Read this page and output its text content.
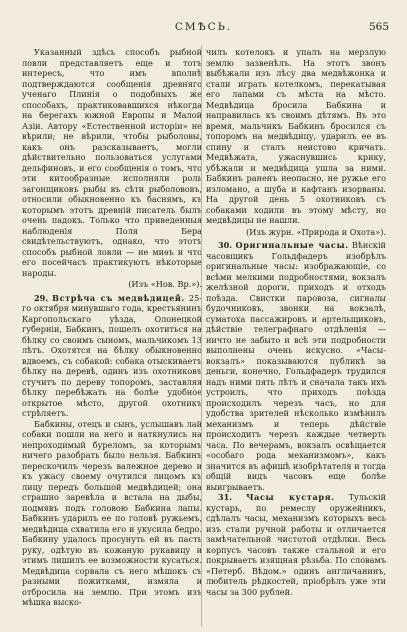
СМѢСЬ.	565

Указанный здѣсь способъ рыбной ловли представляетъ еще и тотъ интересъ, что имъ вполнѣ подтверждаются сообщенія древняго ученаго Плинія о подобныхъ же способахъ, практиковавшихся нѣкогда на берегахъ южной Европы и Малой Азіи. Автору «Естественной исторіи» не вѣрили; не вѣрили, чтобы рыболовы, какъ онъ разсказываетъ, могли дѣйствительно пользоваться услугами дельфиновъ, и его сообщенія о томъ, что эти китообразные исполняли роль загонщиковъ рыбы въ сѣти рыболововъ, относили обыкновенно къ баснямъ, къ которымъ этотъ древній писатель былъ очень падокъ. Только что приведенныя наблюденія Поля Бера свидѣтельствуютъ, однако, что этотъ способъ рыбной ловли — не миѳъ и что его посейчасъ практикуютъ нѣкоторые народы.

(Изъ «Нов. Вр.»).

29. Встрѣча съ медвѣдицей. 25-го октября минувшаго года, крестьянинъ Каргопольскаго уѣзда, Олонецкой губерніи, Бабкинъ, пошелъ охотиться на бѣлку со своимъ сыномъ, мальчикомъ 13 лѣтъ. Охотятся на бѣлку обыкновенно вдвоемъ, съ собакой: собака отыскиваетъ бѣлку на деревѣ, одинъ изъ охотниковъ стучитъ по дереву топоромъ, заставляя бѣлку перебѣжать на болѣе удобное открытое мѣсто, другой охотникъ стрѣляетъ.

Бабкины, отецъ и сынъ, услышавъ лай собаки пошли на него и наткнулись на непроходимый буреломъ, за которымъ ничего разобрать было нельзя. Бабкинъ перескочилъ черезъ валежное дерево и къ ужасу своему очутился лицомъ къ лицу передъ большой медвѣдицей; она страшно заревѣла и встала на дыбы, подмявъ подъ головою Бабкина лапы. Бабкинъ ударилъ ее по головѣ ружьемъ, медвѣдица схватила его и укусила бедро. Бабкину удалось просунуть ей въ пасть руку, одѣтую въ кожаную рукавицу и этимъ лишилъ ее возможности кусаться. Медвѣдица сорвала съ него мѣшокъ съ разными пожитками, измяла и отбросила на землю. При этомъ изъ мѣшка выско-

чилъ котелокъ и упалъ на мерзлую землю зазвенѣлъ. На этотъ звонъ выбѣжали изъ лѣсу два медвѣжонка и стали играть котелкомъ, перекатывая его лапами съ мѣста на мѣсто. Медвѣдица бросила Бабкина и направилась къ своимъ дѣтямъ. Въ это время, мальчикъ Бабкинъ бросился съ топоромъ на медвѣдицу, ударилъ ее въ спину и сталъ неистово кричать. Медвѣжата, ужаснувшись крику, убѣжали и медвѣдица ушла за ними. Бабкинъ раненъ неопасно, не ружье его изломано, а шуба и кафтанъ изорваны. На другой день 5 охотниковъ съ собаками ходили въ этому мѣсту, но медвѣдицы не нашли.

(Изъ журн. «Природа и Охота»).

30. Оригинальные часы. Вѣнскій часовщикъ Гольдфадеръ изобрѣлъ оригинальные часы: изображающіе, со всѣми мелкими подробностями, вокзалъ желѣзной дороги, приходъ и отходъ поѣзда. Свистки паровоза, сигналы будочниковъ, звонки на вокзалѣ, суматоха пассажировъ и артельщиковъ, дѣйствіе телеграфнаго отдѣленія — ничто не забыто и всѣ эти подробности выполнены очень искусно. «Часы-вокзалъ» показываются публикѣ за деньги, конечно, Гольдфадеръ трудился надъ ними пять лѣтъ и сначала такъ ихъ устроилъ, что приходъ поѣзда происходилъ черезъ часъ, но для удобства зрителей нѣсколько измѣнилъ механизмъ и теперь дѣйствіе происходитъ черезъ каждые четверть часа. По вечерамъ, вокзалъ освѣщается «особаго рода механизмомъ», какъ значится въ афишѣ изобрѣтателя и тогда общій видъ часовъ еще болѣе выигрываетъ.

31. Часы кустаря. Тульскій кустарь, по ремеслу оружейникъ, сдѣлалъ часы, механизмъ которыхъ весь изъ стали ручной работы и отличается замѣчательной чистотой отдѣлки. Весь корпусъ часовъ также стальной и его покрываетъ изящная рѣзьба. По словамъ «Петерб. Вѣдом.» одинъ англичанинъ, любитель рѣдкостей, пріобрѣлъ уже эти часы за 300 рублей.
